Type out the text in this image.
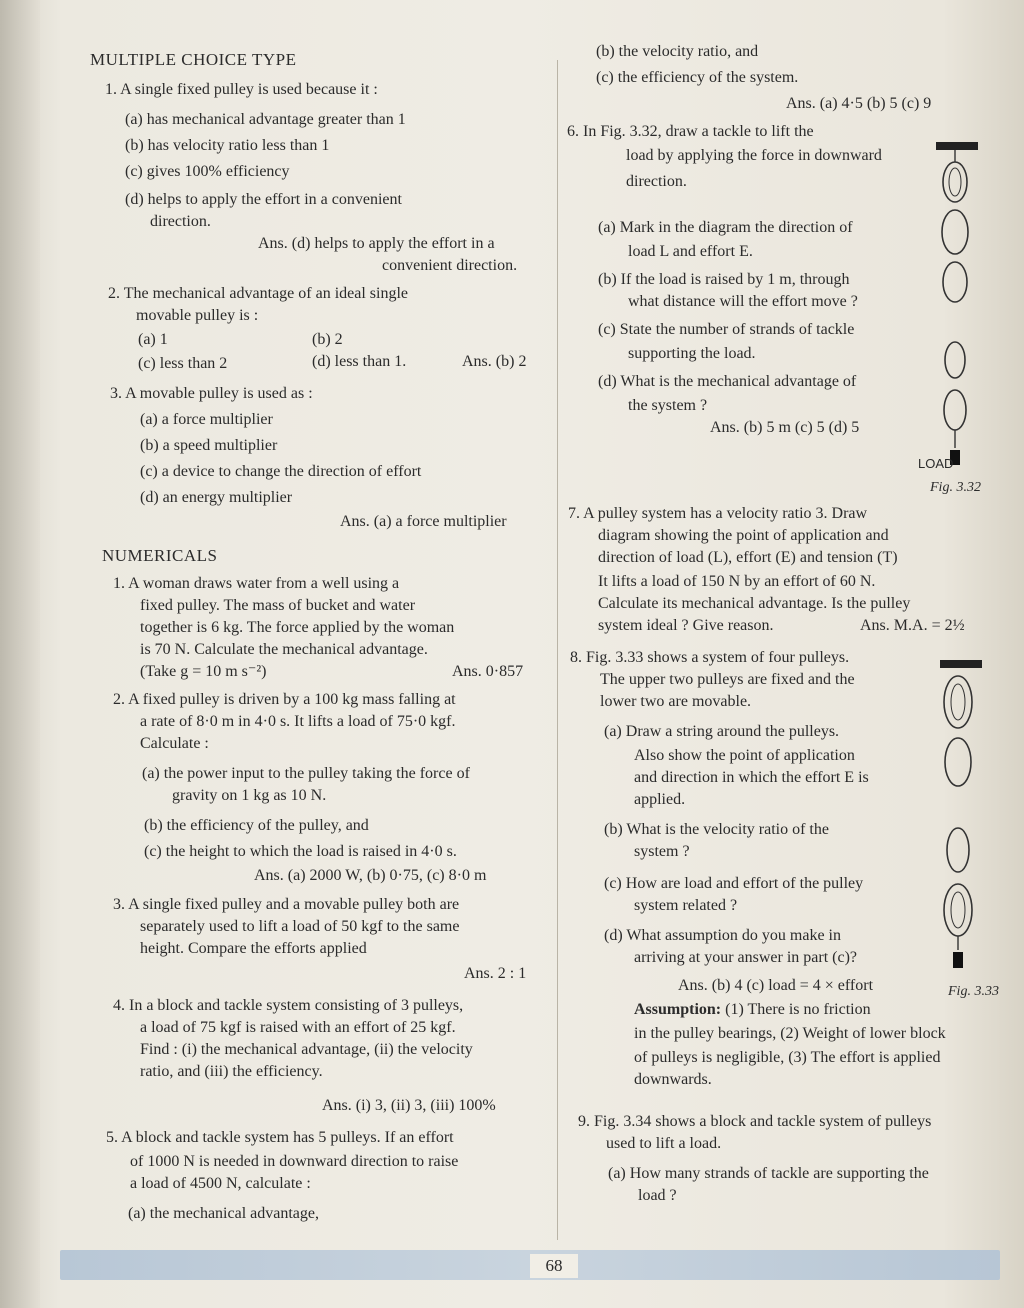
MULTIPLE CHOICE TYPE
1. A single fixed pulley is used because it :
(a) has mechanical advantage greater than 1
(b) has velocity ratio less than 1
(c) gives 100% efficiency
(d) helps to apply the effort in a convenient
direction.
Ans. (d) helps to apply the effort in a
convenient direction.
2. The mechanical advantage of an ideal single
movable pulley is :
(a) 1	(b) 2
(c) less than 2	(d) less than 1.	Ans. (b) 2
3. A movable pulley is used as :
(a) a force multiplier
(b) a speed multiplier
(c) a device to change the direction of effort
(d) an energy multiplier
Ans. (a) a force multiplier
NUMERICALS
1. A woman draws water from a well using a
fixed pulley. The mass of bucket and water
together is 6 kg. The force applied by the woman
is 70 N. Calculate the mechanical advantage.
(Take g = 10 m s⁻²)	Ans. 0·857
2. A fixed pulley is driven by a 100 kg mass falling at
a rate of 8·0 m in 4·0 s. It lifts a load of 75·0 kgf.
Calculate :
(a) the power input to the pulley taking the force of
gravity on 1 kg as 10 N.
(b) the efficiency of the pulley, and
(c) the height to which the load is raised in 4·0 s.
Ans. (a) 2000 W, (b) 0·75, (c) 8·0 m
3. A single fixed pulley and a movable pulley both are
separately used to lift a load of 50 kgf to the same
height. Compare the efforts applied
Ans. 2 : 1
4. In a block and tackle system consisting of 3 pulleys,
a load of 75 kgf is raised with an effort of 25 kgf.
Find : (i) the mechanical advantage, (ii) the velocity
ratio, and (iii) the efficiency.
Ans. (i) 3, (ii) 3, (iii) 100%
5. A block and tackle system has 5 pulleys. If an effort
of 1000 N is needed in downward direction to raise
a load of 4500 N, calculate :
(a) the mechanical advantage,
(b) the velocity ratio, and
(c) the efficiency of the system.
Ans. (a) 4·5 (b) 5 (c) 9
6. In Fig. 3.32, draw a tackle to lift the
load by applying the force in downward
direction.
(a) Mark in the diagram the direction of
load L and effort E.
(b) If the load is raised by 1 m, through
what distance will the effort move ?
(c) State the number of strands of tackle
supporting the load.
(d) What is the mechanical advantage of
the system ?
Ans. (b) 5 m (c) 5 (d) 5
LOAD
Fig. 3.32
7. A pulley system has a velocity ratio 3. Draw
diagram showing the point of application and
direction of load (L), effort (E) and tension (T)
It lifts a load of 150 N by an effort of 60 N.
Calculate its mechanical advantage. Is the pulley
system ideal ? Give reason.	Ans. M.A. = 2½
8. Fig. 3.33 shows a system of four pulleys.
The upper two pulleys are fixed and the
lower two are movable.
(a) Draw a string around the pulleys.
Also show the point of application
and direction in which the effort E is
applied.
(b) What is the velocity ratio of the
system ?
(c) How are load and effort of the pulley
system related ?
(d) What assumption do you make in
arriving at your answer in part (c)?
Ans. (b) 4 (c) load = 4 × effort
Assumption: (1) There is no friction
in the pulley bearings, (2) Weight of lower block
of pulleys is negligible, (3) The effort is applied
downwards.
Fig. 3.33
9. Fig. 3.34 shows a block and tackle system of pulleys
used to lift a load.
(a) How many strands of tackle are supporting the
load ?
68
